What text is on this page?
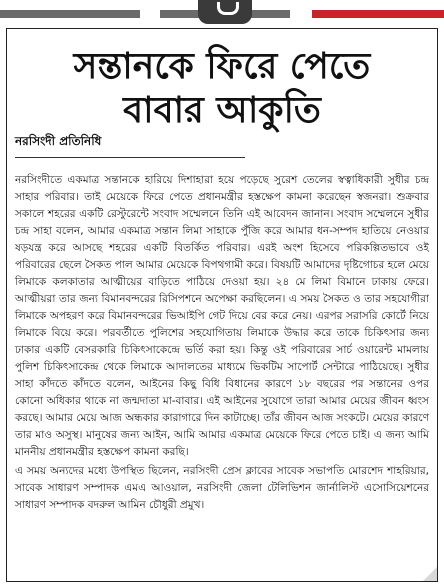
সন্তানকে ফিরে পেতে
বাবার আকুতি
নরসিংদী প্রতিনিধি

নরসিংদীতে একমাত্র সন্তানকে হারিয়ে দিশাহারা হয়ে পড়েছে সুরেশ তেলের স্বত্বাধিকারী সুধীর চন্দ্র সাহার পরিবার। তাই মেয়েকে ফিরে পেতে প্রধানমন্ত্রীর হস্তক্ষেপ কামনা করেছেন স্বজনরা। শুক্রবার সকালে শহরের একটি রেস্টুরেন্টে সংবাদ সম্মেলনে তিনি এই আবেদন জানান। সংবাদ সম্মেলনে সুধীর চন্দ্র সাহা বলেন, আমার একমাত্র সন্তান লিমা সাহাকে পুঁজি করে আমার ধন-সম্পদ হাতিয়ে নেওয়ার ষড়যন্ত্র করে আসছে শহরের একটি বিতর্কিত পরিবার। এরই অংশ হিসেবে পরিকল্পিতভাবে ওই পরিবারের ছেলে সৈকত পাল আমার মেয়েকে বিপথগামী করে। বিষয়টি আমাদের দৃষ্টিগোচর হলে মেয়ে লিমাকে কলকাতার আত্মীয়ের বাড়িতে পাঠিয়ে দেওয়া হয়। ২৪ মে লিমা বিমানে ঢাকায় ফেরে। আত্মীয়রা তার জন্য বিমানবন্দরের রিসিপশনে অপেক্ষা করছিলেন। এ সময় সৈকত ও তার সহযোগীরা লিমাকে অপহরণ করে বিমানবন্দরের ভিআইপি গেট দিয়ে বের করে নেয়। এরপর সরাসরি কোর্টে নিয়ে লিমাকে বিয়ে করে। পরবর্তীতে পুলিশের সহযোগিতায় লিমাকে উদ্ধার করে তাকে চিকিৎসার জন্য ঢাকার একটি বেসরকারি চিকিৎসাকেন্দ্রে ভর্তি করা হয়। কিন্তু ওই পরিবারের সার্চ ওয়ারেন্ট মামলায় পুলিশ চিকিৎসাকেন্দ্র থেকে লিমাকে আদালতের মাধ্যমে ভিকটিম সাপোর্ট সেন্টারে পাঠিয়েছে। সুধীর সাহা কাঁদতে কাঁদতে বলেন, আইনের কিছু বিধি বিধানের কারণে ১৮ বছরের পর সন্তানের ওপর কোনো অধিকার থাকে না জন্মদাতা মা-বাবার। এই আইনের সুযোগে তারা আমার মেয়ের জীবন ধ্বংস করছে। আমার মেয়ে আজ অন্ধকার কারাগারে দিন কাটাচ্ছে। তাঁর জীবন আজ সংকটে। মেয়ের কারণে তার মাও অসুস্থ। মানুষের জন্য আইন, আমি আমার একমাত্র মেয়েকে ফিরে পেতে চাই। এ জন্য আমি মাননীয় প্রধানমন্ত্রীর হস্তক্ষেপ কামনা করছি।

এ সময় অন্যদের মধ্যে উপস্থিত ছিলেন, নরসিংদী প্রেস ক্লাবের সাবেক সভাপতি মোরশেদ শাহরিয়ার, সাবেক সাধারণ সম্পাদক এমএ আওয়াল, নরসিংদী জেলা টেলিভিশন জার্নালিস্ট এসোসিয়েশনের সাধারণ সম্পাদক বদরুল আমিন চৌধুরী প্রমুখ।
